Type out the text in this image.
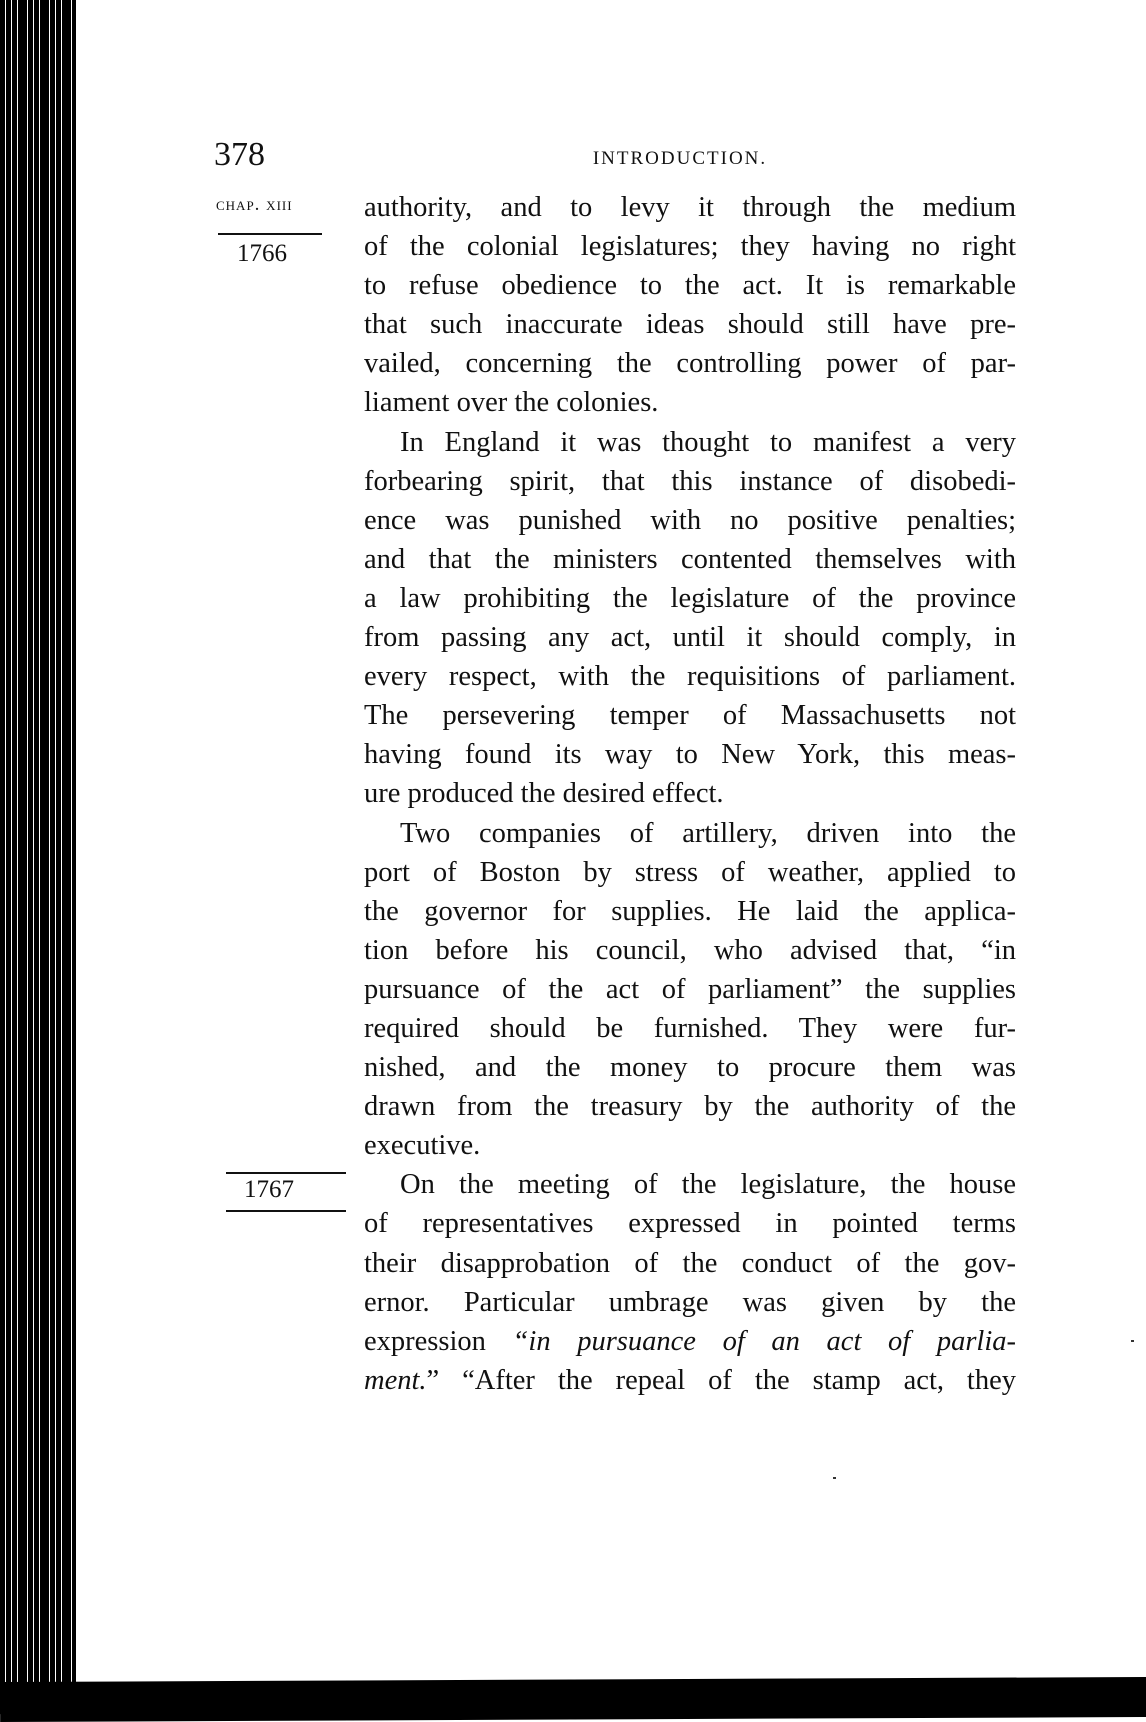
378	INTRODUCTION.
chap. xiii
1766
1767
authority, and to levy it through the medium
of the colonial legislatures; they having no right
to refuse obedience to the act. It is remarkable
that such inaccurate ideas should still have pre-
vailed, concerning the controlling power of par-
liament over the colonies.
In England it was thought to manifest a very
forbearing spirit, that this instance of disobedi-
ence was punished with no positive penalties;
and that the ministers contented themselves with
a law prohibiting the legislature of the province
from passing any act, until it should comply, in
every respect, with the requisitions of parliament.
The persevering temper of Massachusetts not
having found its way to New York, this meas-
ure produced the desired effect.
Two companies of artillery, driven into the
port of Boston by stress of weather, applied to
the governor for supplies. He laid the applica-
tion before his council, who advised that, “in
pursuance of the act of parliament” the supplies
required should be furnished. They were fur-
nished, and the money to procure them was
drawn from the treasury by the authority of the
executive.
On the meeting of the legislature, the house
of representatives expressed in pointed terms
their disapprobation of the conduct of the gov-
ernor. Particular umbrage was given by the
expression “in pursuance of an act of parlia-
ment.” “After the repeal of the stamp act, they
